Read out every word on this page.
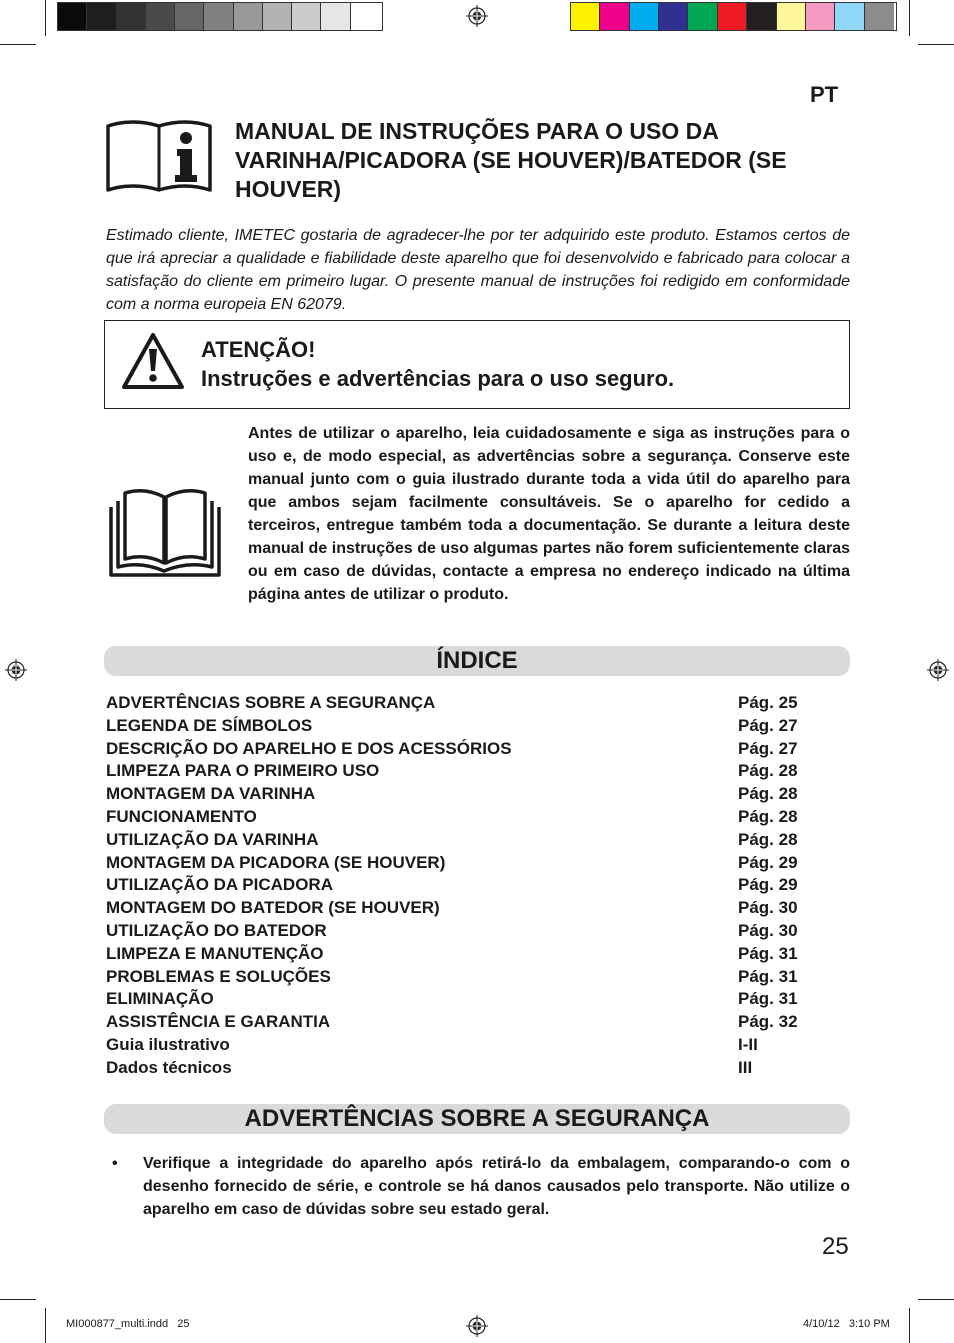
PT
MANUAL DE INSTRUÇÕES PARA O USO DA VARINHA/PICADORA (SE HOUVER)/BATEDOR (SE HOUVER)
Estimado cliente, IMETEC gostaria de agradecer-lhe por ter adquirido este produto. Estamos certos de que irá apreciar a qualidade e fiabilidade deste aparelho que foi desenvolvido e fabricado para colocar a satisfação do cliente em primeiro lugar. O presente manual de instruções foi redigido em conformidade com a norma europeia EN 62079.
ATENÇÃO!
Instruções e advertências para o uso seguro.
Antes de utilizar o aparelho, leia cuidadosamente e siga as instruções para o uso e, de modo especial, as advertências sobre a segurança. Conserve este manual junto com o guia ilustrado durante toda a vida útil do aparelho para que ambos sejam facilmente consultáveis. Se o aparelho for cedido a terceiros, entregue também toda a documentação. Se durante a leitura deste manual de instruções de uso algumas partes não forem suficientemente claras ou em caso de dúvidas, contacte a empresa no endereço indicado na última página antes de utilizar o produto.
ÍNDICE
ADVERTÊNCIAS SOBRE A SEGURANÇA	Pág. 25
LEGENDA DE SÍMBOLOS	Pág. 27
DESCRIÇÃO DO APARELHO E DOS ACESSÓRIOS	Pág. 27
LIMPEZA PARA O PRIMEIRO USO	Pág. 28
MONTAGEM DA VARINHA	Pág. 28
FUNCIONAMENTO	Pág. 28
UTILIZAÇÃO DA VARINHA	Pág. 28
MONTAGEM DA PICADORA (SE HOUVER)	Pág. 29
UTILIZAÇÃO DA PICADORA	Pág. 29
MONTAGEM DO BATEDOR (SE HOUVER)	Pág. 30
UTILIZAÇÃO DO BATEDOR	Pág. 30
LIMPEZA E MANUTENÇÃO	Pág. 31
PROBLEMAS E SOLUÇÕES	Pág. 31
ELIMINAÇÃO	Pág. 31
ASSISTÊNCIA E GARANTIA	Pág. 32
Guia ilustrativo	I-II
Dados técnicos	III
ADVERTÊNCIAS SOBRE A SEGURANÇA
•	Verifique a integridade do aparelho após retirá-lo da embalagem, comparando-o com o desenho fornecido de série, e controle se há danos causados pelo transporte. Não utilize o aparelho em caso de dúvidas sobre seu estado geral.
25
MI000877_multi.indd   25	4/10/12   3:10 PM
